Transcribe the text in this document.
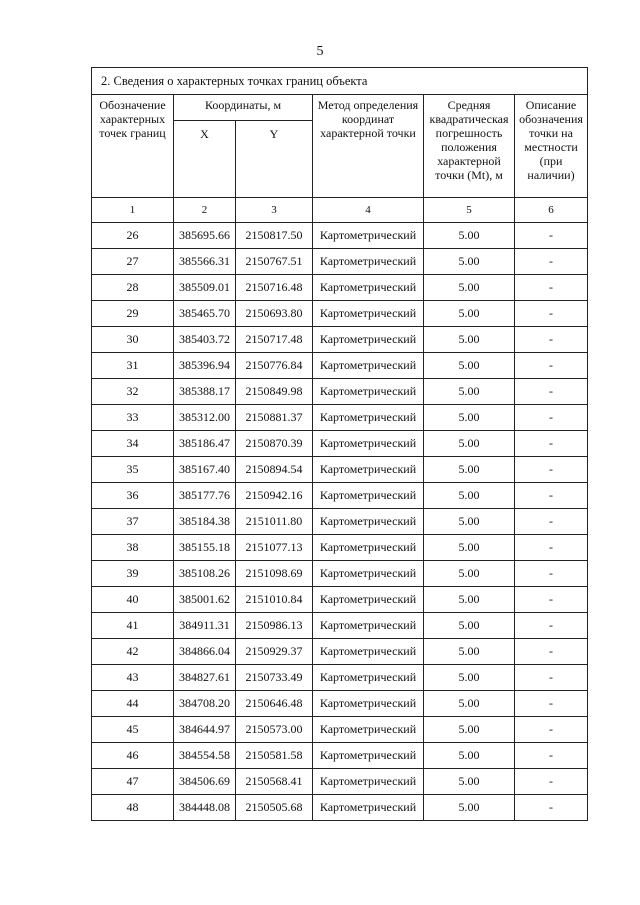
5
2. Сведения о характерных точках границ объекта					
Обозначение характерных точек границ	Координаты, м		Метод определения координат характерной точки	Средняя квадратическая погрешность положения характерной точки (Mt), м	Описание обозначения точки на местности (при наличии)
	X	Y			
1	2	3	4	5	6
26	385695.66	2150817.50	Картометрический	5.00	-
27	385566.31	2150767.51	Картометрический	5.00	-
28	385509.01	2150716.48	Картометрический	5.00	-
29	385465.70	2150693.80	Картометрический	5.00	-
30	385403.72	2150717.48	Картометрический	5.00	-
31	385396.94	2150776.84	Картометрический	5.00	-
32	385388.17	2150849.98	Картометрический	5.00	-
33	385312.00	2150881.37	Картометрический	5.00	-
34	385186.47	2150870.39	Картометрический	5.00	-
35	385167.40	2150894.54	Картометрический	5.00	-
36	385177.76	2150942.16	Картометрический	5.00	-
37	385184.38	2151011.80	Картометрический	5.00	-
38	385155.18	2151077.13	Картометрический	5.00	-
39	385108.26	2151098.69	Картометрический	5.00	-
40	385001.62	2151010.84	Картометрический	5.00	-
41	384911.31	2150986.13	Картометрический	5.00	-
42	384866.04	2150929.37	Картометрический	5.00	-
43	384827.61	2150733.49	Картометрический	5.00	-
44	384708.20	2150646.48	Картометрический	5.00	-
45	384644.97	2150573.00	Картометрический	5.00	-
46	384554.58	2150581.58	Картометрический	5.00	-
47	384506.69	2150568.41	Картометрический	5.00	-
48	384448.08	2150505.68	Картометрический	5.00	-
